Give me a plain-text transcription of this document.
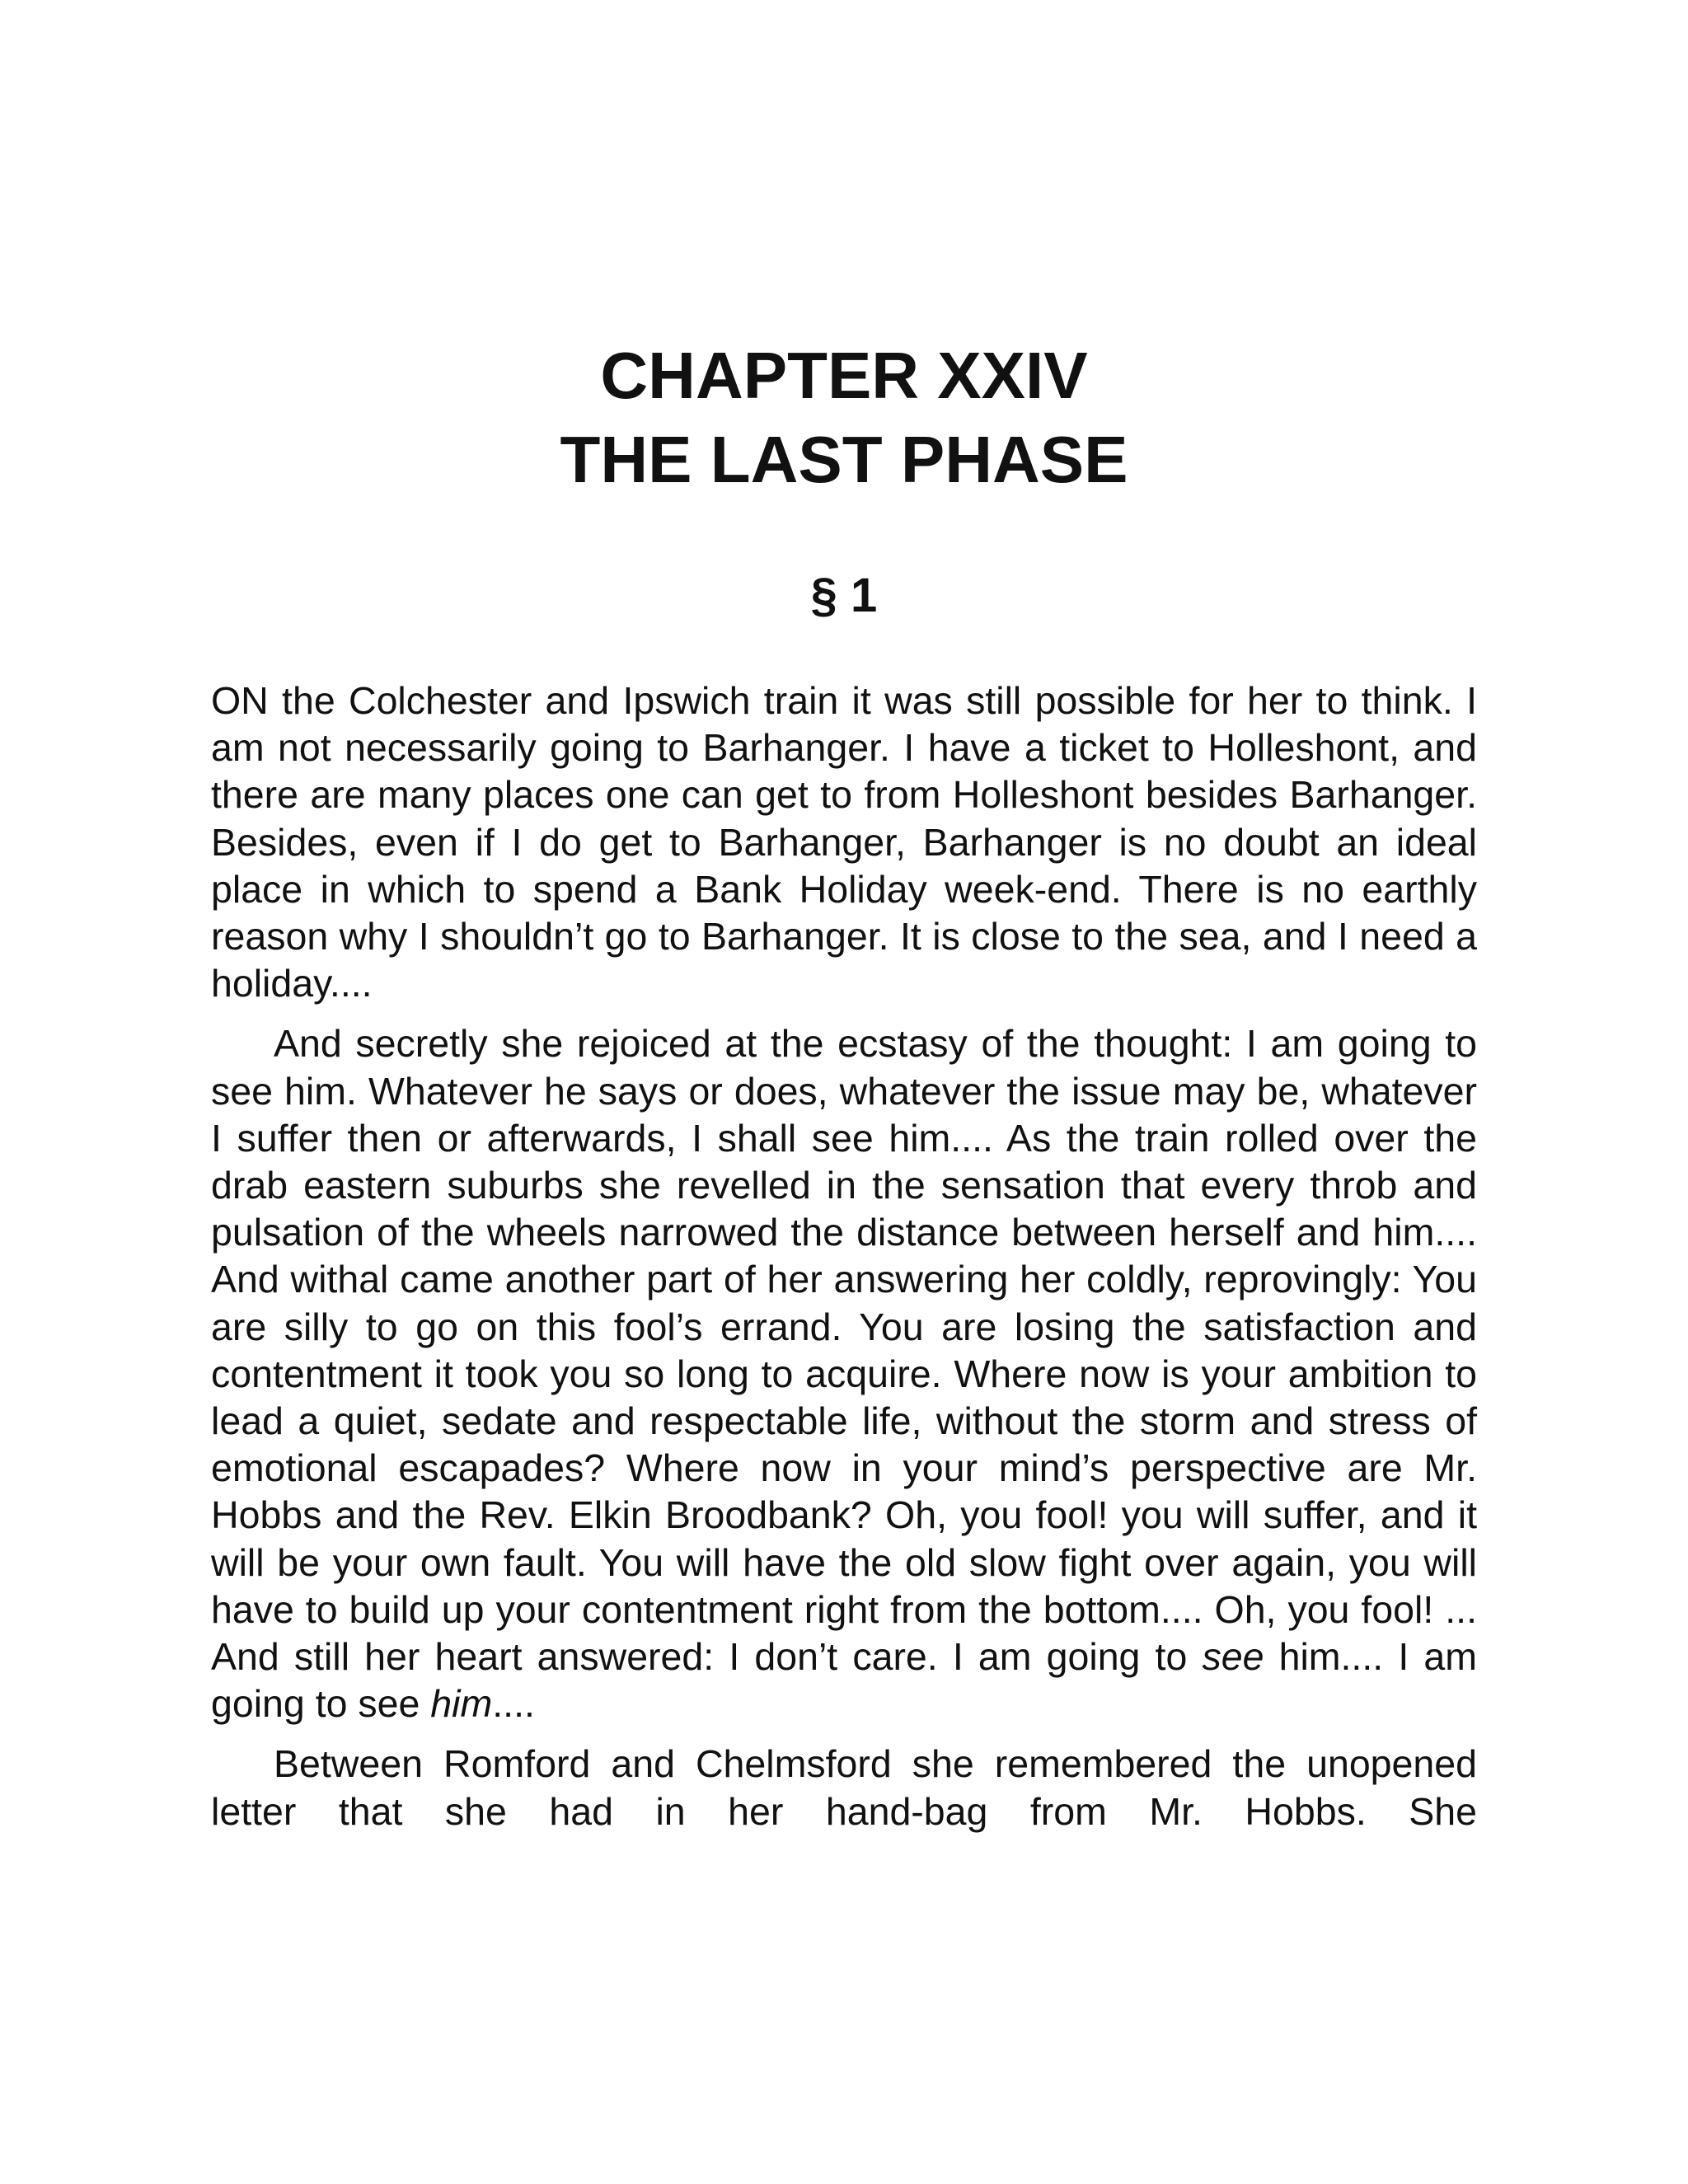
CHAPTER XXIV
THE LAST PHASE
§ 1

ON the Colchester and Ipswich train it was still possible for her to think. I am not necessarily going to Barhanger. I have a ticket to Holleshont, and there are many places one can get to from Holleshont besides Barhanger. Besides, even if I do get to Barhanger, Barhanger is no doubt an ideal place in which to spend a Bank Holiday week-end. There is no earthly reason why I shouldn’t go to Barhanger. It is close to the sea, and I need a holiday....

And secretly she rejoiced at the ecstasy of the thought: I am going to see him. Whatever he says or does, whatever the issue may be, whatever I suffer then or afterwards, I shall see him.... As the train rolled over the drab eastern suburbs she revelled in the sensation that every throb and pulsation of the wheels narrowed the distance between herself and him.... And withal came another part of her answering her coldly, reprovingly: You are silly to go on this fool’s errand. You are losing the satisfaction and contentment it took you so long to acquire. Where now is your ambition to lead a quiet, sedate and respectable life, without the storm and stress of emotional escapades? Where now in your mind’s perspective are Mr. Hobbs and the Rev. Elkin Broodbank? Oh, you fool! you will suffer, and it will be your own fault. You will have the old slow fight over again, you will have to build up your contentment right from the bottom.... Oh, you fool! ... And still her heart answered: I don’t care. I am going to see him.... I am going to see him....

Between Romford and Chelmsford she remembered the unopened letter that she had in her hand-bag from Mr. Hobbs. She
